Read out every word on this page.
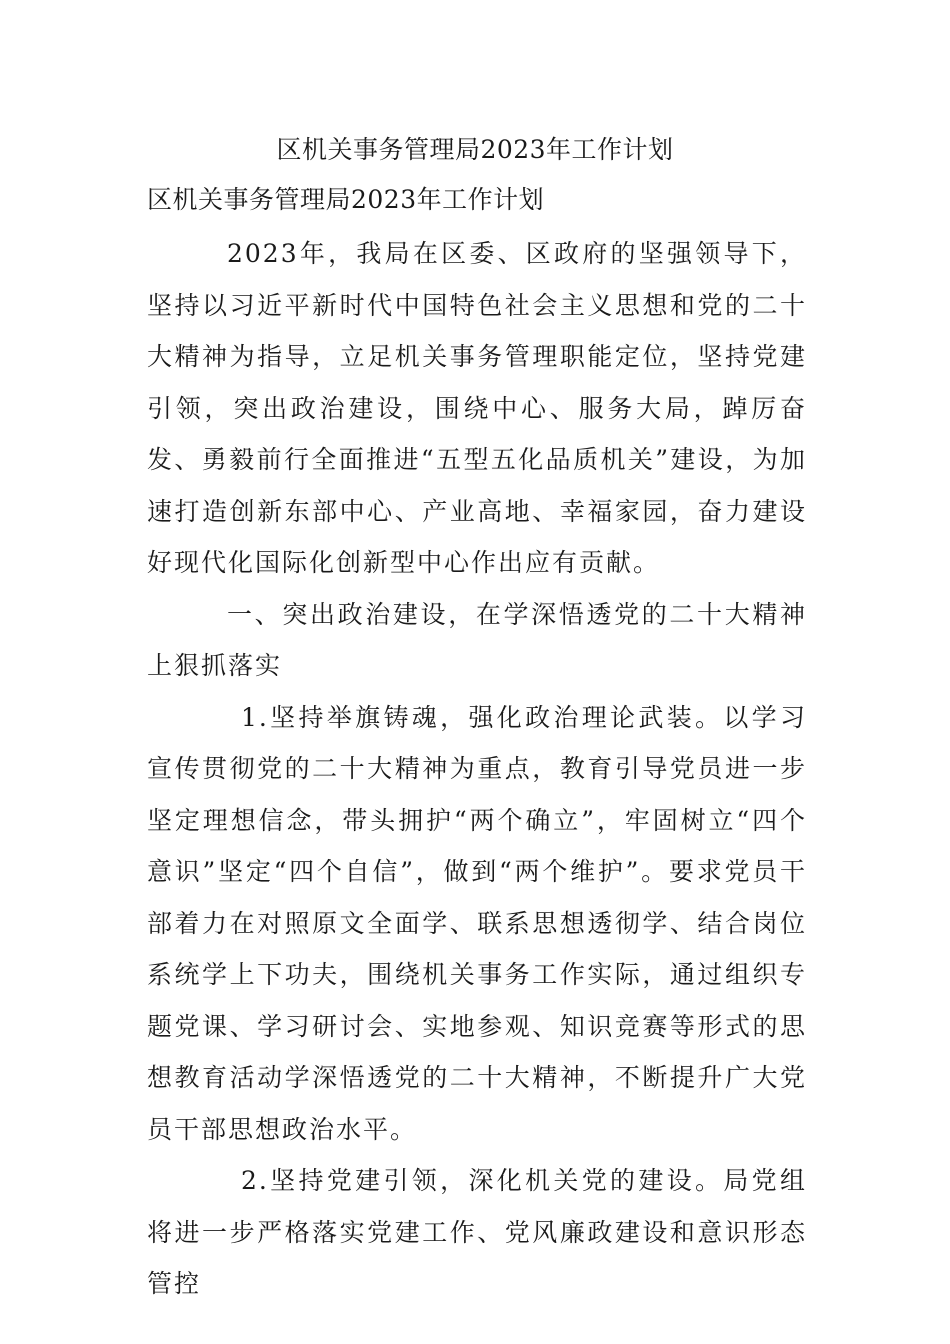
区机关事务管理局2023年工作计划
区机关事务管理局2023年工作计划

2023年，我局在区委、区政府的坚强领导下，坚持以习近平新时代中国特色社会主义思想和党的二十大精神为指导，立足机关事务管理职能定位，坚持党建引领，突出政治建设，围绕中心、服务大局，踔厉奋发、勇毅前行全面推进“五型五化品质机关”建设，为加速打造创新东部中心、产业高地、幸福家园，奋力建设好现代化国际化创新型中心作出应有贡献。

一、突出政治建设，在学深悟透党的二十大精神上狠抓落实

1.坚持举旗铸魂，强化政治理论武装。以学习宣传贯彻党的二十大精神为重点，教育引导党员进一步坚定理想信念，带头拥护“两个确立”，牢固树立“四个意识”坚定“四个自信”，做到“两个维护”。要求党员干部着力在对照原文全面学、联系思想透彻学、结合岗位系统学上下功夫，围绕机关事务工作实际，通过组织专题党课、学习研讨会、实地参观、知识竞赛等形式的思想教育活动学深悟透党的二十大精神，不断提升广大党员干部思想政治水平。

2.坚持党建引领，深化机关党的建设。局党组将进一步严格落实党建工作、党风廉政建设和意识形态管控
